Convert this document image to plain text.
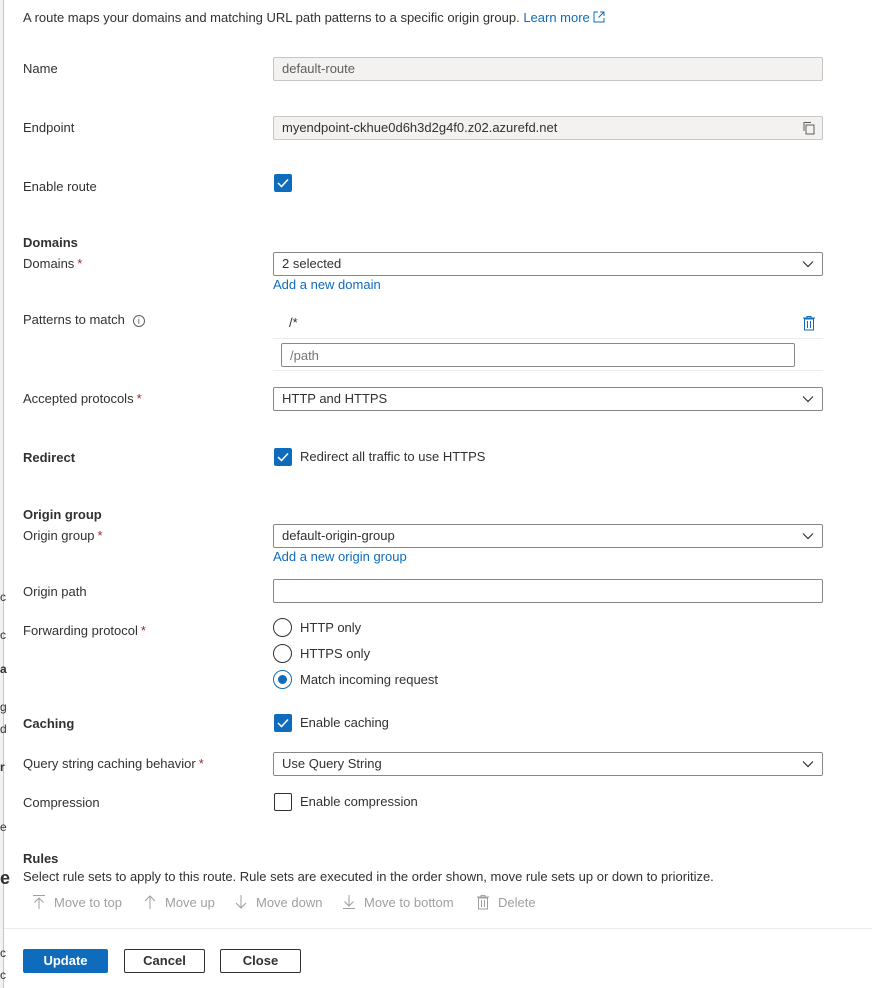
c
c
a
g
d
r
e
e
c
c
A route maps your domains and matching URL path patterns to a specific origin group. Learn more
Name	default-route
Endpoint	myendpoint-ckhue0d6h3d2g4f0.z02.azurefd.net
Enable route
Domains
Domains *	2 selected
Add a new domain
Patterns to match i	/*
/path
Accepted protocols *	HTTP and HTTPS
Redirect	Redirect all traffic to use HTTPS
Origin group
Origin group *	default-origin-group
Add a new origin group
Origin path
Forwarding protocol *	HTTP only
HTTPS only
Match incoming request
Caching	Enable caching
Query string caching behavior *	Use Query String
Compression	Enable compression
Rules
Select rule sets to apply to this route. Rule sets are executed in the order shown, move rule sets up or down to prioritize.
Move to top	Move up	Move down	Move to bottom	Delete
Update	Cancel	Close
